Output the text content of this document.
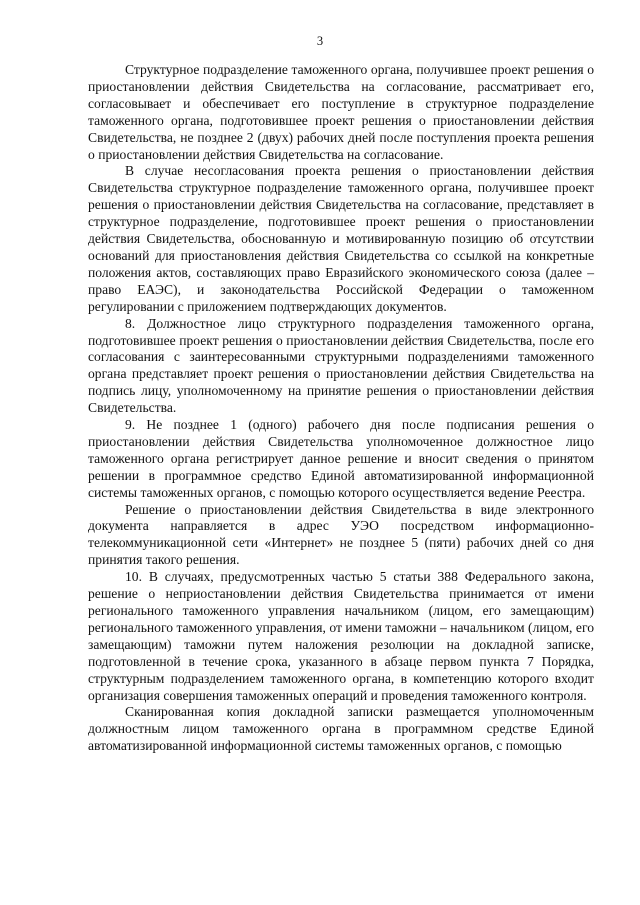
3

Структурное подразделение таможенного органа, получившее проект решения о приостановлении действия Свидетельства на согласование, рассматривает его, согласовывает и обеспечивает его поступление в структурное подразделение таможенного органа, подготовившее проект решения о приостановлении действия Свидетельства, не позднее 2 (двух) рабочих дней после поступления проекта решения о приостановлении действия Свидетельства на согласование.

В случае несогласования проекта решения о приостановлении действия Свидетельства структурное подразделение таможенного органа, получившее проект решения о приостановлении действия Свидетельства на согласование, представляет в структурное подразделение, подготовившее проект решения о приостановлении действия Свидетельства, обоснованную и мотивированную позицию об отсутствии оснований для приостановления действия Свидетельства со ссылкой на конкретные положения актов, составляющих право Евразийского экономического союза (далее – право ЕАЭС), и законодательства Российской Федерации о таможенном регулировании с приложением подтверждающих документов.

8. Должностное лицо структурного подразделения таможенного органа, подготовившее проект решения о приостановлении действия Свидетельства, после его согласования с заинтересованными структурными подразделениями таможенного органа представляет проект решения о приостановлении действия Свидетельства на подпись лицу, уполномоченному на принятие решения о приостановлении действия Свидетельства.

9. Не позднее 1 (одного) рабочего дня после подписания решения о приостановлении действия Свидетельства уполномоченное должностное лицо таможенного органа регистрирует данное решение и вносит сведения о принятом решении в программное средство Единой автоматизированной информационной системы таможенных органов, с помощью которого осуществляется ведение Реестра.

Решение о приостановлении действия Свидетельства в виде электронного документа направляется в адрес УЭО посредством информационно-телекоммуникационной сети «Интернет» не позднее 5 (пяти) рабочих дней со дня принятия такого решения.

10. В случаях, предусмотренных частью 5 статьи 388 Федерального закона, решение о неприостановлении действия Свидетельства принимается от имени регионального таможенного управления начальником (лицом, его замещающим) регионального таможенного управления, от имени таможни – начальником (лицом, его замещающим) таможни путем наложения резолюции на докладной записке, подготовленной в течение срока, указанного в абзаце первом пункта 7 Порядка, структурным подразделением таможенного органа, в компетенцию которого входит организация совершения таможенных операций и проведения таможенного контроля.

Сканированная копия докладной записки размещается уполномоченным должностным лицом таможенного органа в программном средстве Единой автоматизированной информационной системы таможенных органов, с помощью
